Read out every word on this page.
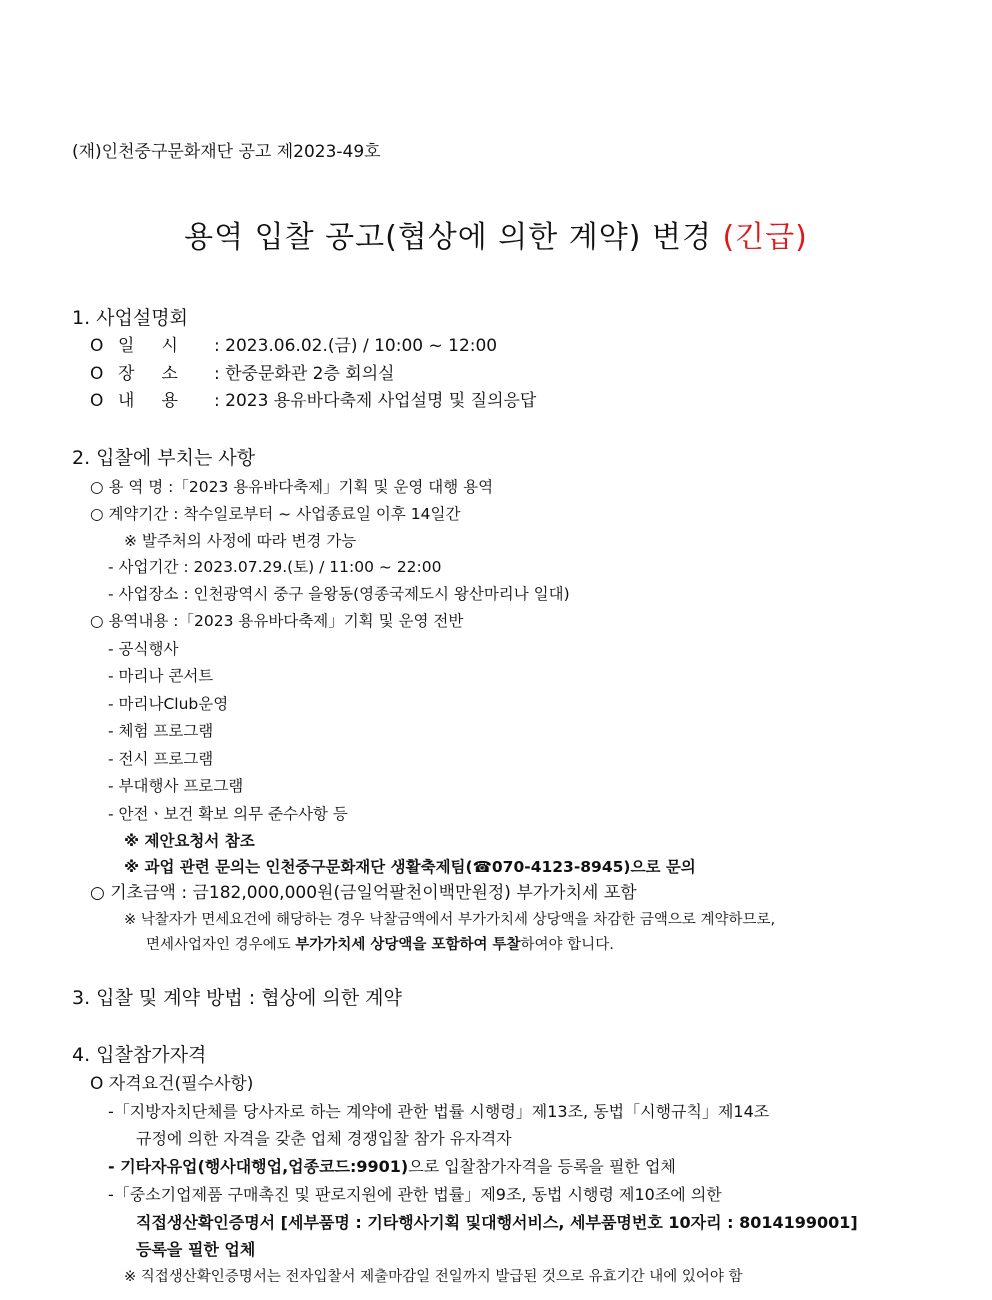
(재)인천중구문화재단 공고 제2023-49호
용역 입찰 공고(협상에 의한 계약) 변경 (긴급)
1. 사업설명회
O 일     시 : 2023.06.02.(금) / 10:00 ~ 12:00
O 장     소 : 한중문화관 2층 회의실
O 내     용 : 2023 용유바다축제 사업설명 및 질의응답
2. 입찰에 부치는 사항
○ 용 역 명 :「2023 용유바다축제」기획 및 운영 대행 용역
○ 계약기간 : 착수일로부터 ~ 사업종료일 이후 14일간
※ 발주처의 사정에 따라 변경 가능
- 사업기간 : 2023.07.29.(토) / 11:00 ~ 22:00
- 사업장소 : 인천광역시 중구 을왕동(영종국제도시 왕산마리나 일대)
○ 용역내용 :「2023 용유바다축제」기획 및 운영 전반
- 공식행사
- 마리나 콘서트
- 마리나Club운영
- 체험 프로그램
- 전시 프로그램
- 부대행사 프로그램
- 안전ㆍ보건 확보 의무 준수사항 등
※ 제안요청서 참조
※ 과업 관련 문의는 인천중구문화재단 생활축제팀(☎070-4123-8945)으로 문의
○ 기초금액 : 금182,000,000원(금일억팔천이백만원정) 부가가치세 포함
※ 낙찰자가 면세요건에 해당하는 경우 낙찰금액에서 부가가치세 상당액을 차감한 금액으로 계약하므로,
면세사업자인 경우에도 부가가치세 상당액을 포함하여 투찰하여야 합니다.
3. 입찰 및 계약 방법 : 협상에 의한 계약
4. 입찰참가자격
O 자격요건(필수사항)
-「지방자치단체를 당사자로 하는 계약에 관한 법률 시행령」제13조, 동법「시행규칙」제14조
규정에 의한 자격을 갖춘 업체 경쟁입찰 참가 유자격자
- 기타자유업(행사대행업,업종코드:9901)으로 입찰참가자격을 등록을 필한 업체
-「중소기업제품 구매촉진 및 판로지원에 관한 법률」제9조, 동법 시행령 제10조에 의한
직접생산확인증명서 [세부품명 : 기타행사기획 및대행서비스, 세부품명번호 10자리 : 8014199001]
등록을 필한 업체
※ 직접생산확인증명서는 전자입찰서 제출마감일 전일까지 발급된 것으로 유효기간 내에 있어야 함
